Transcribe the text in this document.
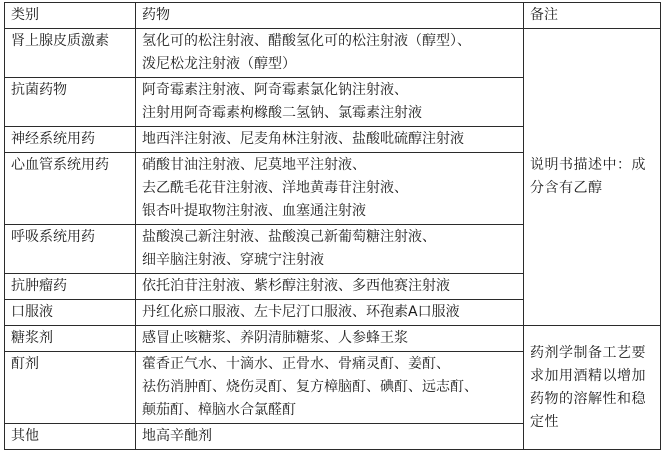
类别	药物	备注
肾上腺皮质激素	氢化可的松注射液、醋酸氢化可的松注射液（醇型）、
泼尼松龙注射液（醇型）	说明书描述中：成分含有乙醇
抗菌药物	阿奇霉素注射液、阿奇霉素氯化钠注射液、
注射用阿奇霉素枸橼酸二氢钠、氯霉素注射液	

神经系统用药	地西泮注射液、尼麦角林注射液、盐酸吡硫醇注射液	

心血管系统用药	硝酸甘油注射液、尼莫地平注射液、
去乙酰毛花苷注射液、洋地黄毒苷注射液、
银杏叶提取物注射液、血塞通注射液	

呼吸系统用药	盐酸溴己新注射液、盐酸溴己新葡萄糖注射液、
细辛脑注射液、穿琥宁注射液	

抗肿瘤药	依托泊苷注射液、紫杉醇注射液、多西他赛注射液	

口服液	丹红化瘀口服液、左卡尼汀口服液、环孢素A口服液	

糖浆剂	感冒止咳糖浆、养阴清肺糖浆、人参蜂王浆	药剂学制备工艺要求加用酒精以增加药物的溶解性和稳定性
酊剂	藿香正气水、十滴水、正骨水、骨痛灵酊、姜酊、
祛伤消肿酊、烧伤灵酊、复方樟脑酊、碘酊、远志酊、
颠茄酊、樟脑水合氯醛酊	

其他	地高辛酏剂	
